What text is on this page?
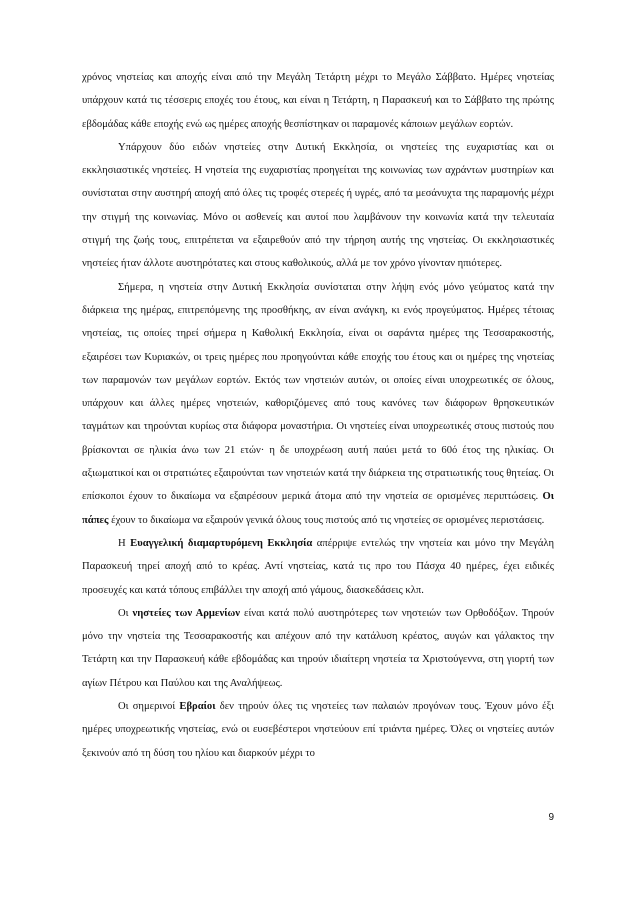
χρόνος νηστείας και αποχής είναι από την Μεγάλη Τετάρτη μέχρι το Μεγάλο Σάββατο. Ημέρες νηστείας υπάρχουν κατά τις τέσσερις εποχές του έτους, και είναι η Τετάρτη, η Παρασκευή και το Σάββατο της πρώτης εβδομάδας κάθε εποχής ενώ ως ημέρες αποχής θεσπίστηκαν οι παραμονές κάποιων μεγάλων εορτών.

Υπάρχουν δύο ειδών νηστείες στην Δυτική Εκκλησία, οι νηστείες της ευχαριστίας και οι εκκλησιαστικές νηστείες. Η νηστεία της ευχαριστίας προηγείται της κοινωνίας των αχράντων μυστηρίων και συνίσταται στην αυστηρή αποχή από όλες τις τροφές στερεές ή υγρές, από τα μεσάνυχτα της παραμονής μέχρι την στιγμή της κοινωνίας. Μόνο οι ασθενείς και αυτοί που λαμβάνουν την κοινωνία κατά την τελευταία στιγμή της ζωής τους, επιτρέπεται να εξαιρεθούν από την τήρηση αυτής της νηστείας. Οι εκκλησιαστικές νηστείες ήταν άλλοτε αυστηρότατες και στους καθολικούς, αλλά με τον χρόνο γίνονταν ηπιότερες.

Σήμερα, η νηστεία στην Δυτική Εκκλησία συνίσταται στην λήψη ενός μόνο γεύματος κατά την διάρκεια της ημέρας, επιτρεπόμενης της προσθήκης, αν είναι ανάγκη, κι ενός προγεύματος. Ημέρες τέτοιας νηστείας, τις οποίες τηρεί σήμερα η Καθολική Εκκλησία, είναι οι σαράντα ημέρες της Τεσσαρακοστής, εξαιρέσει των Κυριακών, οι τρεις ημέρες που προηγούνται κάθε εποχής του έτους και οι ημέρες της νηστείας των παραμονών των μεγάλων εορτών. Εκτός των νηστειών αυτών, οι οποίες είναι υποχρεωτικές σε όλους, υπάρχουν και άλλες ημέρες νηστειών, καθοριζόμενες από τους κανόνες των διάφορων θρησκευτικών ταγμάτων και τηρούνται κυρίως στα διάφορα μοναστήρια. Οι νηστείες είναι υποχρεωτικές στους πιστούς που βρίσκονται σε ηλικία άνω των 21 ετών· η δε υποχρέωση αυτή παύει μετά το 60ό έτος της ηλικίας. Οι αξιωματικοί και οι στρατιώτες εξαιρούνται των νηστειών κατά την διάρκεια της στρατιωτικής τους θητείας. Οι επίσκοποι έχουν το δικαίωμα να εξαιρέσουν μερικά άτομα από την νηστεία σε ορισμένες περιπτώσεις. Οι πάπες έχουν το δικαίωμα να εξαιρούν γενικά όλους τους πιστούς από τις νηστείες σε ορισμένες περιστάσεις.

Η Ευαγγελική διαμαρτυρόμενη Εκκλησία απέρριψε εντελώς την νηστεία και μόνο την Μεγάλη Παρασκευή τηρεί αποχή από το κρέας. Αντί νηστείας, κατά τις προ του Πάσχα 40 ημέρες, έχει ειδικές προσευχές και κατά τόπους επιβάλλει την αποχή από γάμους, διασκεδάσεις κλπ.

Οι νηστείες των Αρμενίων είναι κατά πολύ αυστηρότερες των νηστειών των Ορθοδόξων. Τηρούν μόνο την νηστεία της Τεσσαρακοστής και απέχουν από την κατάλυση κρέατος, αυγών και γάλακτος την Τετάρτη και την Παρασκευή κάθε εβδομάδας και τηρούν ιδιαίτερη νηστεία τα Χριστούγεννα, στη γιορτή των αγίων Πέτρου και Παύλου και της Αναλήψεως.

Οι σημερινοί Εβραίοι δεν τηρούν όλες τις νηστείες των παλαιών προγόνων τους. Έχουν μόνο έξι ημέρες υποχρεωτικής νηστείας, ενώ οι ευσεβέστεροι νηστεύουν επί τριάντα ημέρες. Όλες οι νηστείες αυτών ξεκινούν από τη δύση του ηλίου και διαρκούν μέχρι το

9
